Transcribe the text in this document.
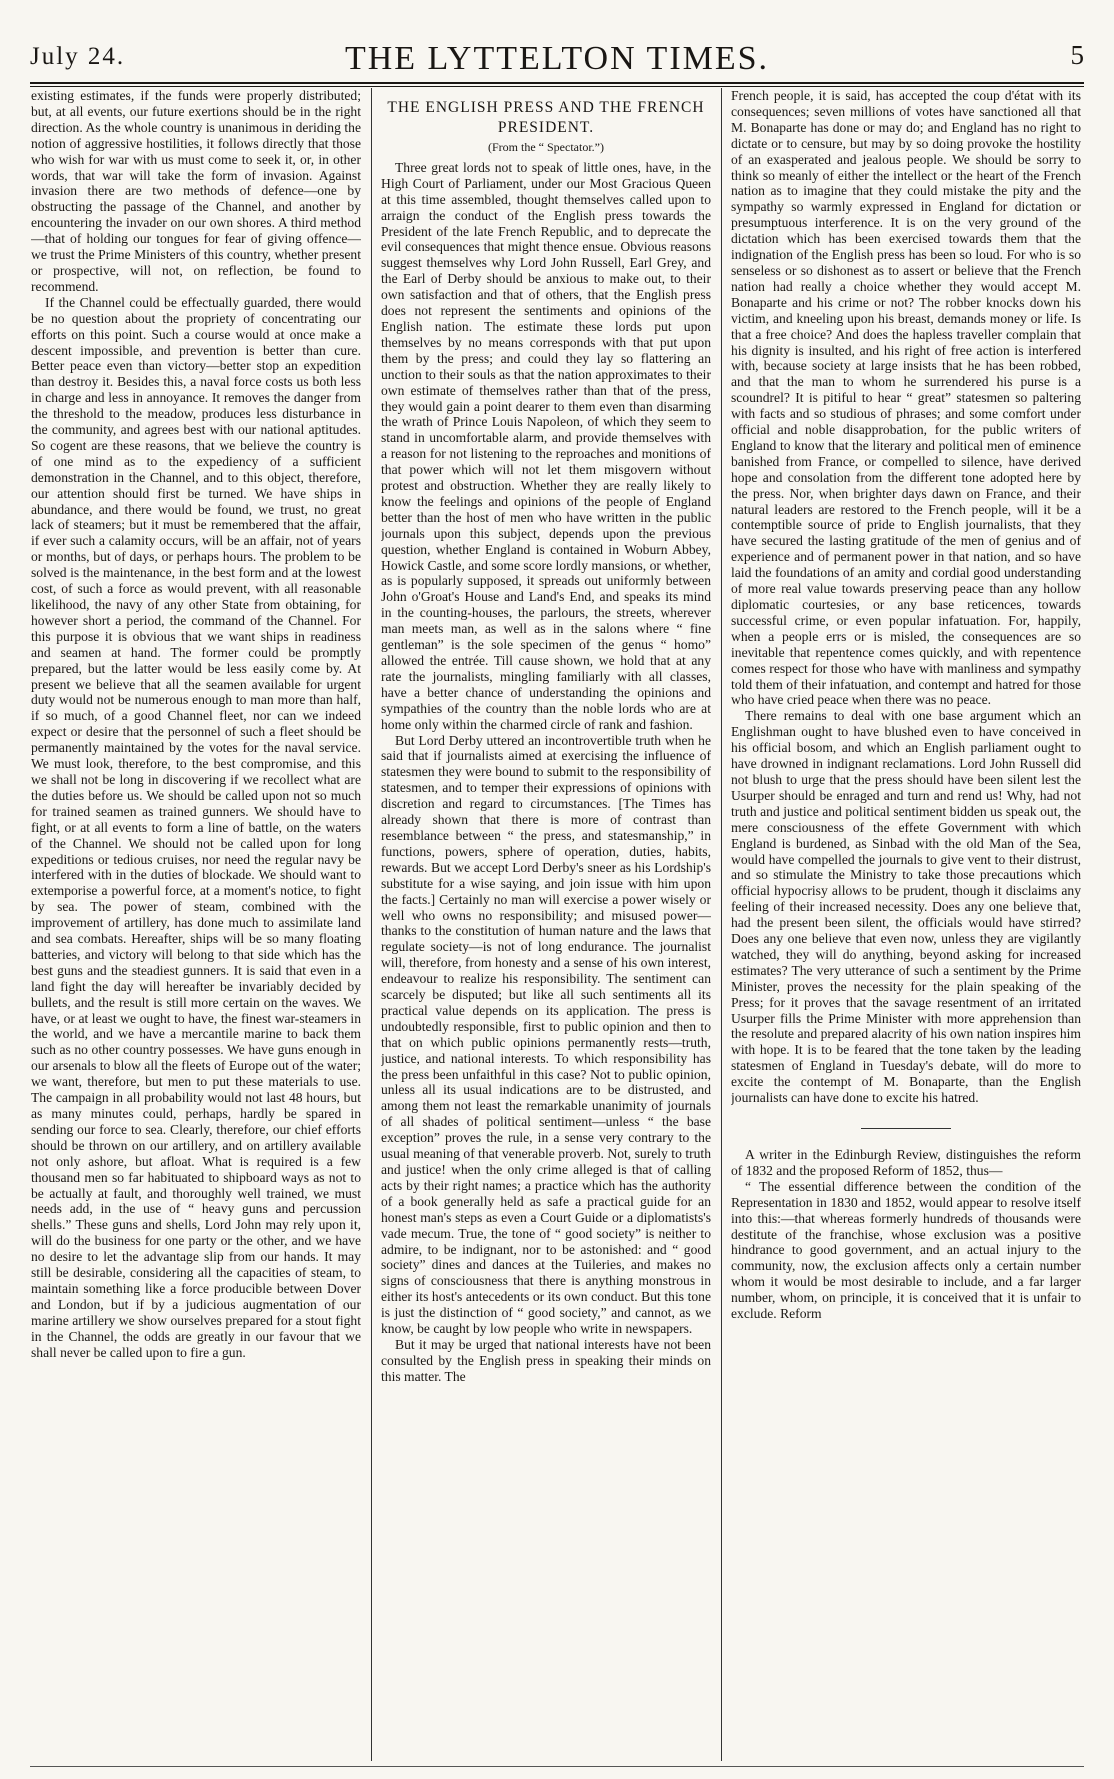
July 24.	THE LYTTELTON TIMES.	5

existing estimates, if the funds were properly distributed; but, at all events, our future exertions should be in the right direction. As the whole country is unanimous in deriding the notion of aggressive hostilities, it follows directly that those who wish for war with us must come to seek it, or, in other words, that war will take the form of invasion. Against invasion there are two methods of defence—one by obstructing the passage of the Channel, and another by encountering the invader on our own shores. A third method—that of holding our tongues for fear of giving offence—we trust the Prime Ministers of this country, whether present or prospective, will not, on reflection, be found to recommend.

If the Channel could be effectually guarded, there would be no question about the propriety of concentrating our efforts on this point. Such a course would at once make a descent impossible, and prevention is better than cure. Better peace even than victory—better stop an expedition than destroy it. Besides this, a naval force costs us both less in charge and less in annoyance. It removes the danger from the threshold to the meadow, produces less disturbance in the community, and agrees best with our national aptitudes. So cogent are these reasons, that we believe the country is of one mind as to the expediency of a sufficient demonstration in the Channel, and to this object, therefore, our attention should first be turned. We have ships in abundance, and there would be found, we trust, no great lack of steamers; but it must be remembered that the affair, if ever such a calamity occurs, will be an affair, not of years or months, but of days, or perhaps hours. The problem to be solved is the maintenance, in the best form and at the lowest cost, of such a force as would prevent, with all reasonable likelihood, the navy of any other State from obtaining, for however short a period, the command of the Channel. For this purpose it is obvious that we want ships in readiness and seamen at hand. The former could be promptly prepared, but the latter would be less easily come by. At present we believe that all the seamen available for urgent duty would not be numerous enough to man more than half, if so much, of a good Channel fleet, nor can we indeed expect or desire that the personnel of such a fleet should be permanently maintained by the votes for the naval service. We must look, therefore, to the best compromise, and this we shall not be long in discovering if we recollect what are the duties before us. We should be called upon not so much for trained seamen as trained gunners. We should have to fight, or at all events to form a line of battle, on the waters of the Channel. We should not be called upon for long expeditions or tedious cruises, nor need the regular navy be interfered with in the duties of blockade. We should want to extemporise a powerful force, at a moment's notice, to fight by sea. The power of steam, combined with the improvement of artillery, has done much to assimilate land and sea combats. Hereafter, ships will be so many floating batteries, and victory will belong to that side which has the best guns and the steadiest gunners. It is said that even in a land fight the day will hereafter be invariably decided by bullets, and the result is still more certain on the waves. We have, or at least we ought to have, the finest war-steamers in the world, and we have a mercantile marine to back them such as no other country possesses. We have guns enough in our arsenals to blow all the fleets of Europe out of the water; we want, therefore, but men to put these materials to use. The campaign in all probability would not last 48 hours, but as many minutes could, perhaps, hardly be spared in sending our force to sea. Clearly, therefore, our chief efforts should be thrown on our artillery, and on artillery available not only ashore, but afloat. What is required is a few thousand men so far habituated to shipboard ways as not to be actually at fault, and thoroughly well trained, we must needs add, in the use of “ heavy guns and percussion shells.” These guns and shells, Lord John may rely upon it, will do the business for one party or the other, and we have no desire to let the advantage slip from our hands. It may still be desirable, considering all the capacities of steam, to maintain something like a force producible between Dover and London, but if by a judicious augmentation of our marine artillery we show ourselves prepared for a stout fight in the Channel, the odds are greatly in our favour that we shall never be called upon to fire a gun.

THE ENGLISH PRESS AND THE FRENCH PRESIDENT.
(From the “ Spectator.”)

Three great lords not to speak of little ones, have, in the High Court of Parliament, under our Most Gracious Queen at this time assembled, thought themselves called upon to arraign the conduct of the English press towards the President of the late French Republic, and to deprecate the evil consequences that might thence ensue. Obvious reasons suggest themselves why Lord John Russell, Earl Grey, and the Earl of Derby should be anxious to make out, to their own satisfaction and that of others, that the English press does not represent the sentiments and opinions of the English nation. The estimate these lords put upon themselves by no means corresponds with that put upon them by the press; and could they lay so flattering an unction to their souls as that the nation approximates to their own estimate of themselves rather than that of the press, they would gain a point dearer to them even than disarming the wrath of Prince Louis Napoleon, of which they seem to stand in uncomfortable alarm, and provide themselves with a reason for not listening to the reproaches and monitions of that power which will not let them misgovern without protest and obstruction. Whether they are really likely to know the feelings and opinions of the people of England better than the host of men who have written in the public journals upon this subject, depends upon the previous question, whether England is contained in Woburn Abbey, Howick Castle, and some score lordly mansions, or whether, as is popularly supposed, it spreads out uniformly between John o'Groat's House and Land's End, and speaks its mind in the counting-houses, the parlours, the streets, wherever man meets man, as well as in the salons where “ fine gentleman” is the sole specimen of the genus “ homo” allowed the entrée. Till cause shown, we hold that at any rate the journalists, mingling familiarly with all classes, have a better chance of understanding the opinions and sympathies of the country than the noble lords who are at home only within the charmed circle of rank and fashion.

But Lord Derby uttered an incontrovertible truth when he said that if journalists aimed at exercising the influence of statesmen they were bound to submit to the responsibility of statesmen, and to temper their expressions of opinions with discretion and regard to circumstances. [The Times has already shown that there is more of contrast than resemblance between “ the press, and statesmanship,” in functions, powers, sphere of operation, duties, habits, rewards. But we accept Lord Derby's sneer as his Lordship's substitute for a wise saying, and join issue with him upon the facts.] Certainly no man will exercise a power wisely or well who owns no responsibility; and misused power—thanks to the constitution of human nature and the laws that regulate society—is not of long endurance. The journalist will, therefore, from honesty and a sense of his own interest, endeavour to realize his responsibility. The sentiment can scarcely be disputed; but like all such sentiments all its practical value depends on its application. The press is undoubtedly responsible, first to public opinion and then to that on which public opinions permanently rests—truth, justice, and national interests. To which responsibility has the press been unfaithful in this case? Not to public opinion, unless all its usual indications are to be distrusted, and among them not least the remarkable unanimity of journals of all shades of political sentiment—unless “ the base exception” proves the rule, in a sense very contrary to the usual meaning of that venerable proverb. Not, surely to truth and justice! when the only crime alleged is that of calling acts by their right names; a practice which has the authority of a book generally held as safe a practical guide for an honest man's steps as even a Court Guide or a diplomatists's vade mecum. True, the tone of “ good society” is neither to admire, to be indignant, nor to be astonished: and “ good society” dines and dances at the Tuileries, and makes no signs of consciousness that there is anything monstrous in either its host's antecedents or its own conduct. But this tone is just the distinction of “ good society,” and cannot, as we know, be caught by low people who write in newspapers.

But it may be urged that national interests have not been consulted by the English press in speaking their minds on this matter. The

French people, it is said, has accepted the coup d'état with its consequences; seven millions of votes have sanctioned all that M. Bonaparte has done or may do; and England has no right to dictate or to censure, but may by so doing provoke the hostility of an exasperated and jealous people. We should be sorry to think so meanly of either the intellect or the heart of the French nation as to imagine that they could mistake the pity and the sympathy so warmly expressed in England for dictation or presumptuous interference. It is on the very ground of the dictation which has been exercised towards them that the indignation of the English press has been so loud. For who is so senseless or so dishonest as to assert or believe that the French nation had really a choice whether they would accept M. Bonaparte and his crime or not? The robber knocks down his victim, and kneeling upon his breast, demands money or life. Is that a free choice? And does the hapless traveller complain that his dignity is insulted, and his right of free action is interfered with, because society at large insists that he has been robbed, and that the man to whom he surrendered his purse is a scoundrel? It is pitiful to hear “ great” statesmen so paltering with facts and so studious of phrases; and some comfort under official and noble disapprobation, for the public writers of England to know that the literary and political men of eminence banished from France, or compelled to silence, have derived hope and consolation from the different tone adopted here by the press. Nor, when brighter days dawn on France, and their natural leaders are restored to the French people, will it be a contemptible source of pride to English journalists, that they have secured the lasting gratitude of the men of genius and of experience and of permanent power in that nation, and so have laid the foundations of an amity and cordial good understanding of more real value towards preserving peace than any hollow diplomatic courtesies, or any base reticences, towards successful crime, or even popular infatuation. For, happily, when a people errs or is misled, the consequences are so inevitable that repentence comes quickly, and with repentence comes respect for those who have with manliness and sympathy told them of their infatuation, and contempt and hatred for those who have cried peace when there was no peace.

There remains to deal with one base argument which an Englishman ought to have blushed even to have conceived in his official bosom, and which an English parliament ought to have drowned in indignant reclamations. Lord John Russell did not blush to urge that the press should have been silent lest the Usurper should be enraged and turn and rend us! Why, had not truth and justice and political sentiment bidden us speak out, the mere consciousness of the effete Government with which England is burdened, as Sinbad with the old Man of the Sea, would have compelled the journals to give vent to their distrust, and so stimulate the Ministry to take those precautions which official hypocrisy allows to be prudent, though it disclaims any feeling of their increased necessity. Does any one believe that, had the present been silent, the officials would have stirred? Does any one believe that even now, unless they are vigilantly watched, they will do anything, beyond asking for increased estimates? The very utterance of such a sentiment by the Prime Minister, proves the necessity for the plain speaking of the Press; for it proves that the savage resentment of an irritated Usurper fills the Prime Minister with more apprehension than the resolute and prepared alacrity of his own nation inspires him with hope. It is to be feared that the tone taken by the leading statesmen of England in Tuesday's debate, will do more to excite the contempt of M. Bonaparte, than the English journalists can have done to excite his hatred.

A writer in the Edinburgh Review, distinguishes the reform of 1832 and the proposed Reform of 1852, thus—

“ The essential difference between the condition of the Representation in 1830 and 1852, would appear to resolve itself into this:—that whereas formerly hundreds of thousands were destitute of the franchise, whose exclusion was a positive hindrance to good government, and an actual injury to the community, now, the exclusion affects only a certain number whom it would be most desirable to include, and a far larger number, whom, on principle, it is conceived that it is unfair to exclude. Reform
